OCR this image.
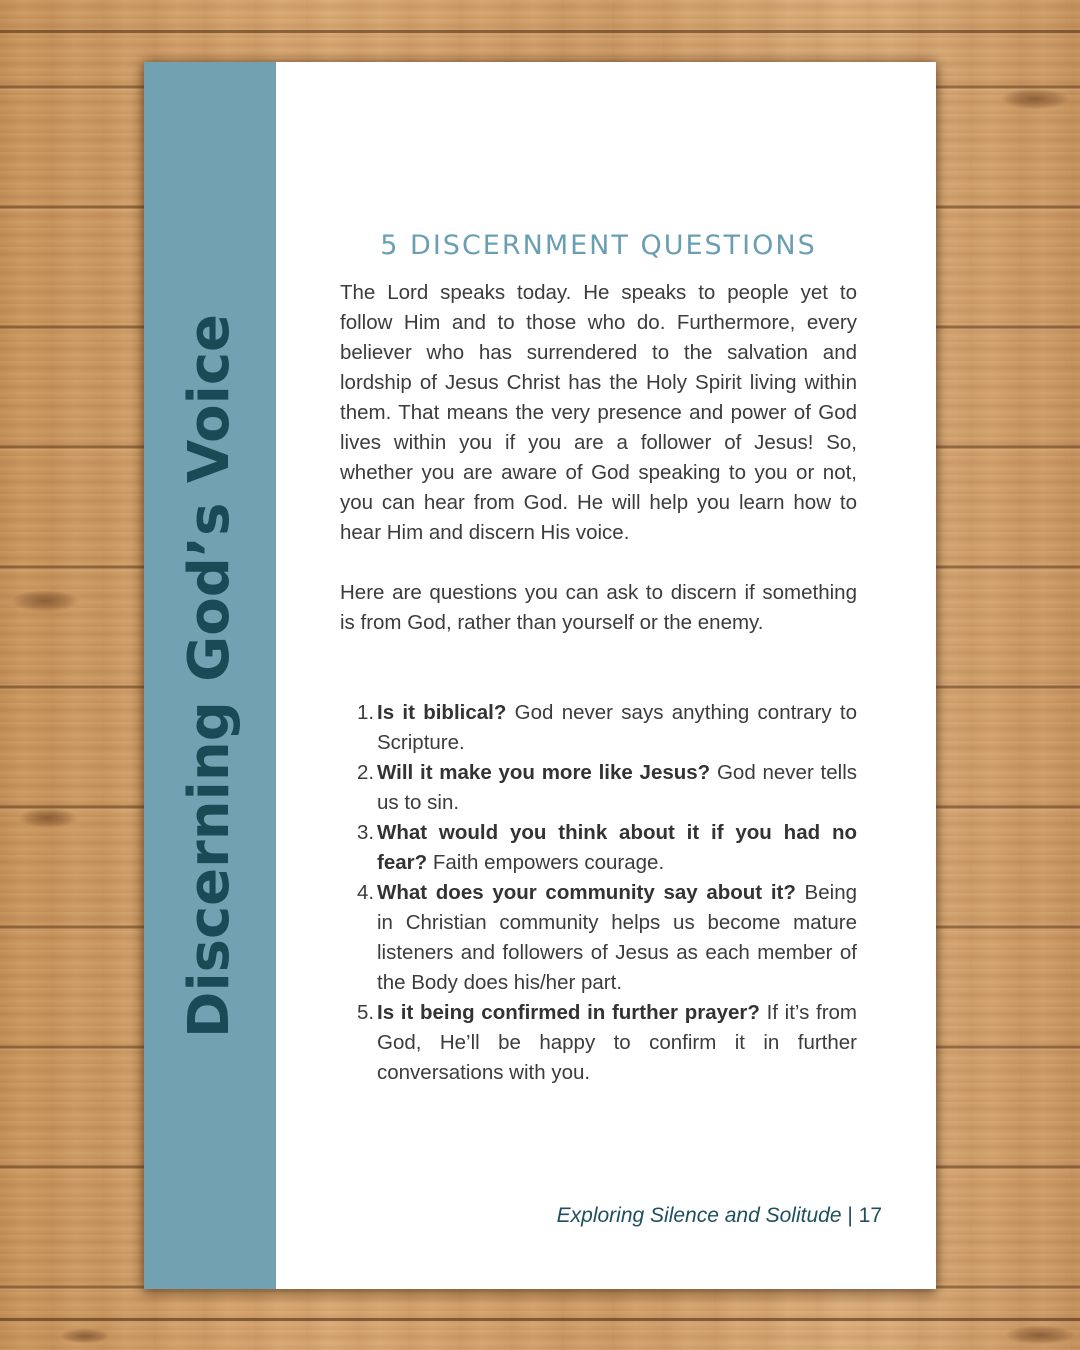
Discerning God’s Voice
5 DISCERNMENT QUESTIONS

The Lord speaks today. He speaks to people yet to follow Him and to those who do. Furthermore, every believer who has surrendered to the salvation and lordship of Jesus Christ has the Holy Spirit living within them. That means the very presence and power of God lives within you if you are a follower of Jesus! So, whether you are aware of God speaking to you or not, you can hear from God. He will help you learn how to hear Him and discern His voice.

Here are questions you can ask to discern if something is from God, rather than yourself or the enemy.

1. Is it biblical? God never says anything contrary to Scripture.
2. Will it make you more like Jesus? God never tells us to sin.
3. What would you think about it if you had no fear? Faith empowers courage.
4. What does your community say about it? Being in Christian community helps us become mature listeners and followers of Jesus as each member of the Body does his/her part.
5. Is it being confirmed in further prayer? If it’s from God, He’ll be happy to confirm it in further conversations with you.
Exploring Silence and Solitude | 17
